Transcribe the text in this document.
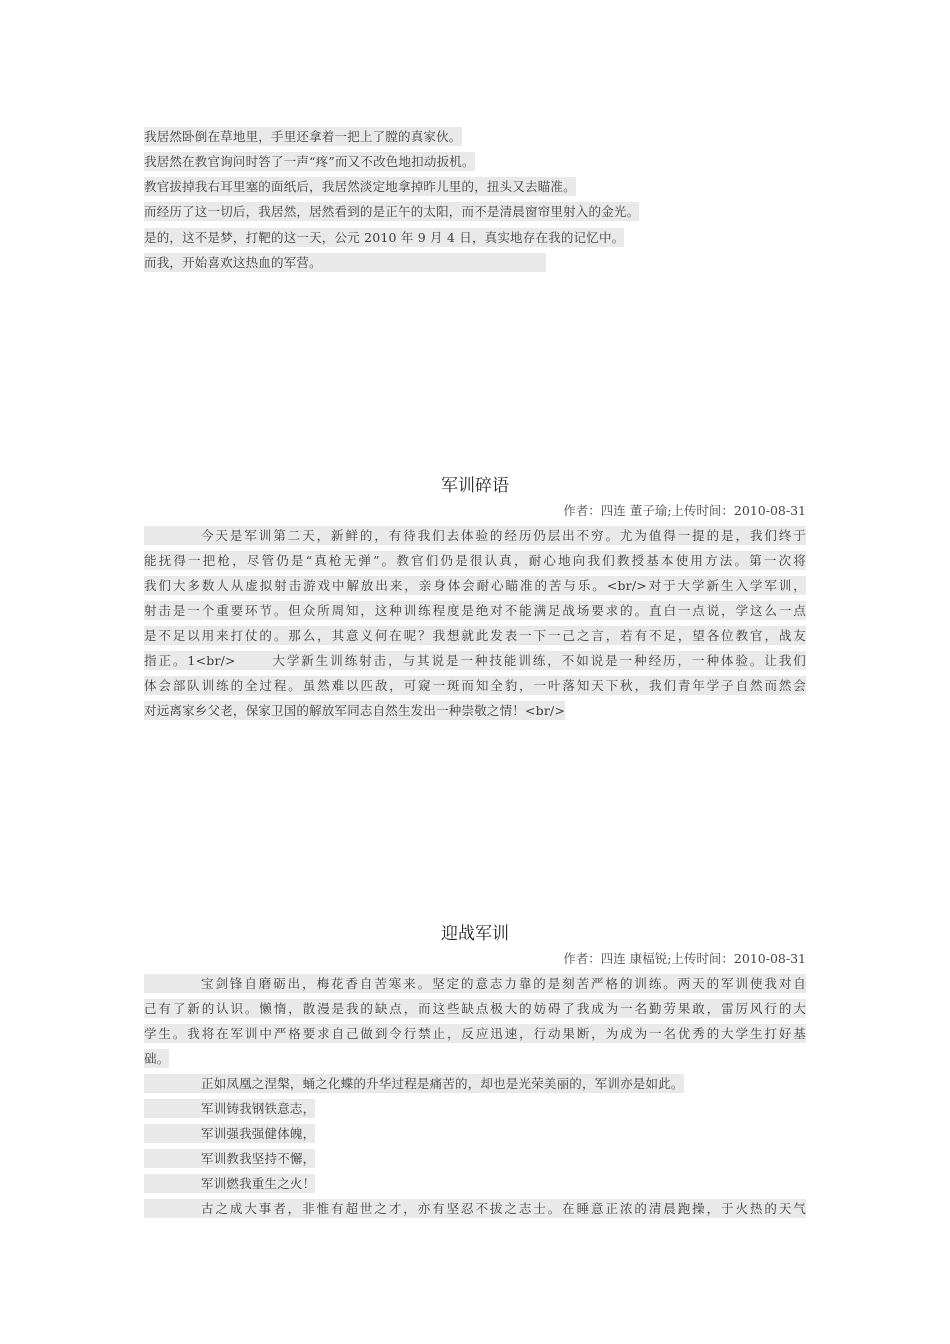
我居然卧倒在草地里，手里还拿着一把上了膛的真家伙。
我居然在教官询问时答了一声“疼”而又不改色地扣动扳机。
教官拔掉我右耳里塞的面纸后，我居然淡定地拿掉昨儿里的，扭头又去瞄准。
而经历了这一切后，我居然，居然看到的是正午的太阳，而不是清晨窗帘里射入的金光。
是的，这不是梦，打靶的这一天，公元 2010 年 9 月 4 日，真实地存在我的记忆中。
而我，开始喜欢这热血的军营。
军训碎语
作者：四连 董子瑜;上传时间：2010-08-31
今天是军训第二天，新鲜的，有待我们去体验的经历仍层出不穷。尤为值得一提的是，我们终于
能抚得一把枪，尽管仍是“真枪无弹”。教官们仍是很认真，耐心地向我们教授基本使用方法。第一次将
我们大多数人从虚拟射击游戏中解放出来，亲身体会耐心瞄准的苦与乐。<br/>对于大学新生入学军训，
射击是一个重要环节。但众所周知，这种训练程度是绝对不能满足战场要求的。直白一点说，学这么一点
是不足以用来打仗的。那么，其意义何在呢？我想就此发表一下一己之言，若有不足，望各位教官，战友
指正。1<br/>　　 大学新生训练射击，与其说是一种技能训练，不如说是一种经历，一种体验。让我们
体会部队训练的全过程。虽然难以匹敌，可窥一斑而知全豹，一叶落知天下秋，我们青年学子自然而然会
对远离家乡父老，保家卫国的解放军同志自然生发出一种崇敬之情！<br/>
迎战军训
作者：四连 康楅锐;上传时间：2010-08-31
宝剑锋自磨砺出，梅花香自苦寒来。坚定的意志力靠的是刻苦严格的训练。两天的军训使我对自
己有了新的认识。懒惰，散漫是我的缺点，而这些缺点极大的妨碍了我成为一名勤劳果敢，雷厉风行的大
学生。我将在军训中严格要求自己做到令行禁止，反应迅速，行动果断，为成为一名优秀的大学生打好基
础。
正如凤凰之涅槃，蛹之化蝶的升华过程是痛苦的，却也是光荣美丽的，军训亦是如此。
军训铸我钢铁意志，
军训强我强健体魄，
军训教我坚持不懈，
军训燃我重生之火！
古之成大事者，非惟有超世之才，亦有坚忍不拔之志士。在睡意正浓的清晨跑操，于火热的天气
